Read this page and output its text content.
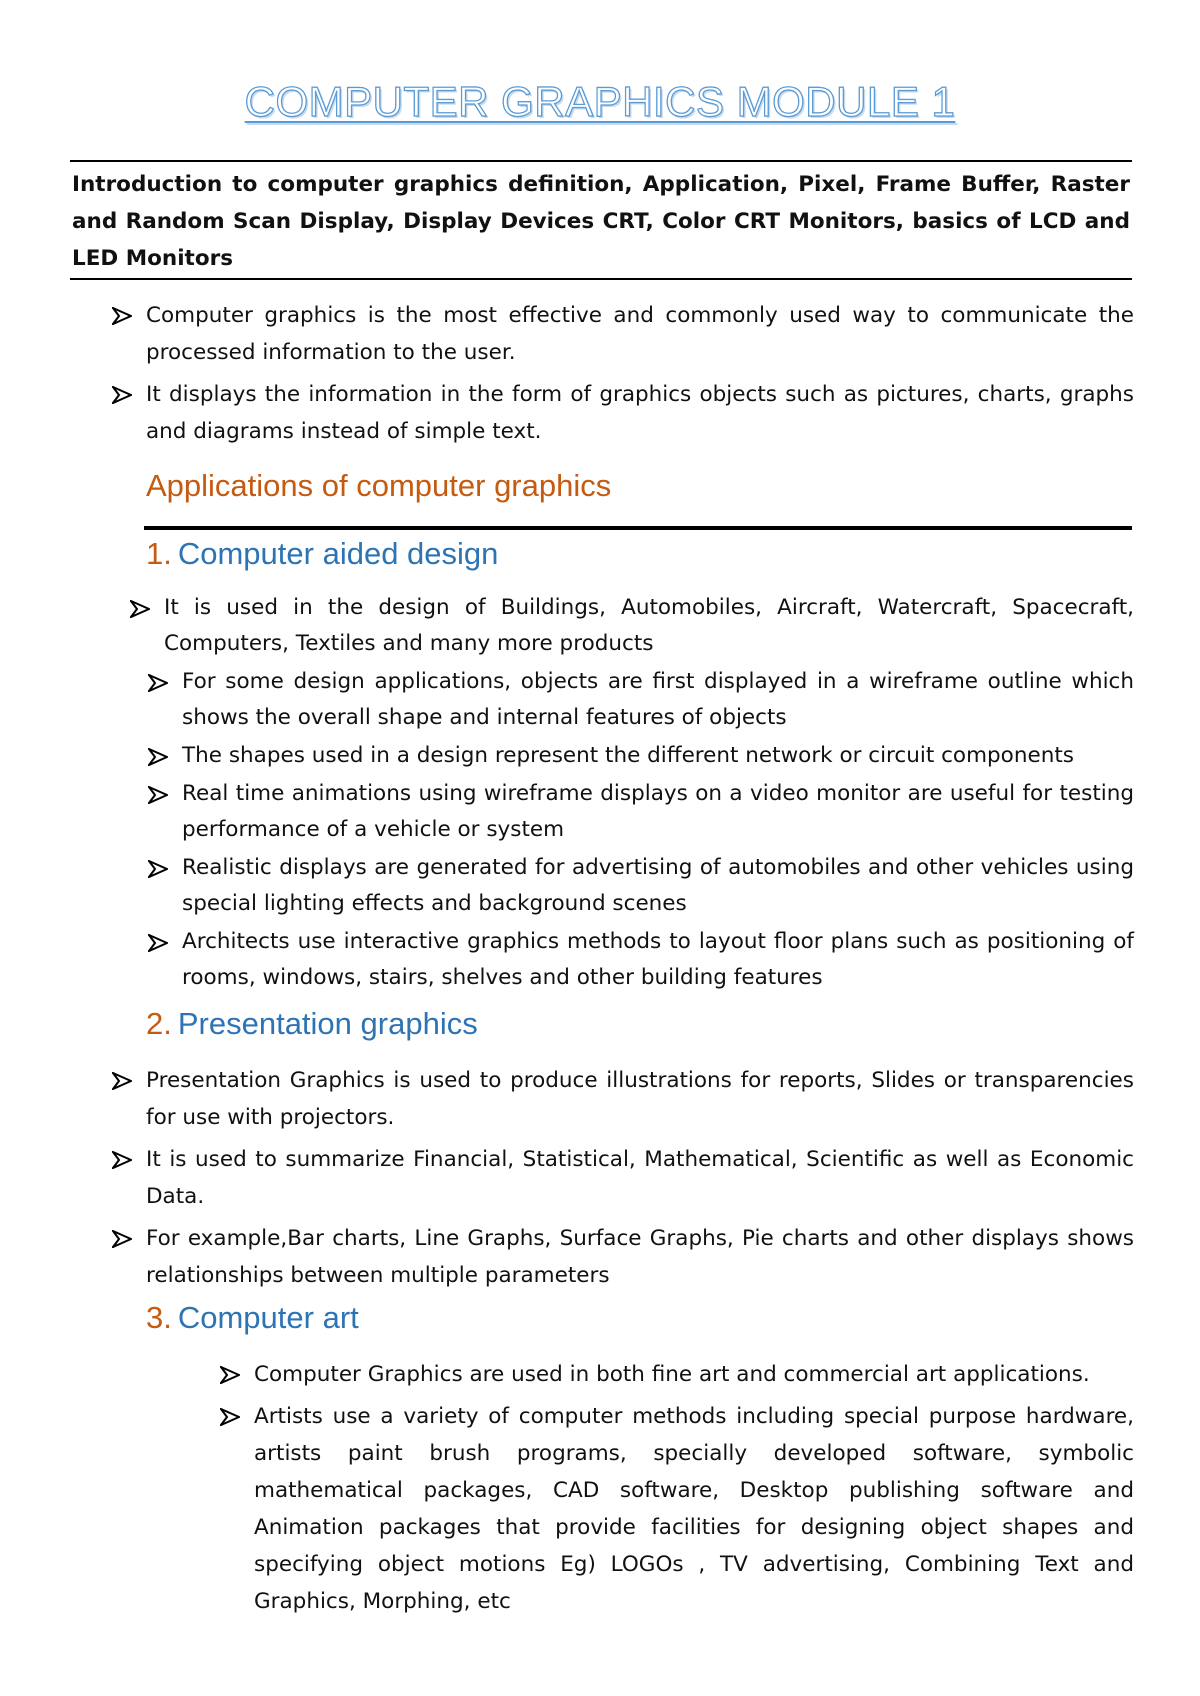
COMPUTER GRAPHICS MODULE 1

Introduction to computer graphics definition, Application, Pixel, Frame Buffer, Raster and Random Scan Display, Display Devices CRT, Color CRT Monitors, basics of LCD and LED Monitors

Computer graphics is the most effective and commonly used way to communicate the processed information to the user.
It displays the information in the form of graphics objects such as pictures, charts, graphs and diagrams instead of simple text.
Applications of computer graphics
1. Computer aided design
It is used in the design of Buildings, Automobiles, Aircraft, Watercraft, Spacecraft, Computers, Textiles and many more products
For some design applications, objects are first displayed in a wireframe outline which shows the overall shape and internal features of objects
The shapes used in a design represent the different network or circuit components
Real time animations using wireframe displays on a video monitor are useful for testing performance of a vehicle or system
Realistic displays are generated for advertising of automobiles and other vehicles using special lighting effects and background scenes
Architects use interactive graphics methods to layout floor plans such as positioning of rooms, windows, stairs, shelves and other building features
2. Presentation graphics
Presentation Graphics is used to produce illustrations for reports, Slides or transparencies for use with projectors.
It is used to summarize Financial, Statistical, Mathematical, Scientific as well as Economic Data.
For example,Bar charts, Line Graphs, Surface Graphs, Pie charts and other displays shows relationships between multiple parameters
3. Computer art
Computer Graphics are used in both fine art and commercial art applications.
Artists use a variety of computer methods including special purpose hardware, artists paint brush programs, specially developed software, symbolic mathematical packages, CAD software, Desktop publishing software and Animation packages that provide facilities for designing object shapes and specifying object motions Eg) LOGOs , TV advertising, Combining Text and Graphics, Morphing, etc
